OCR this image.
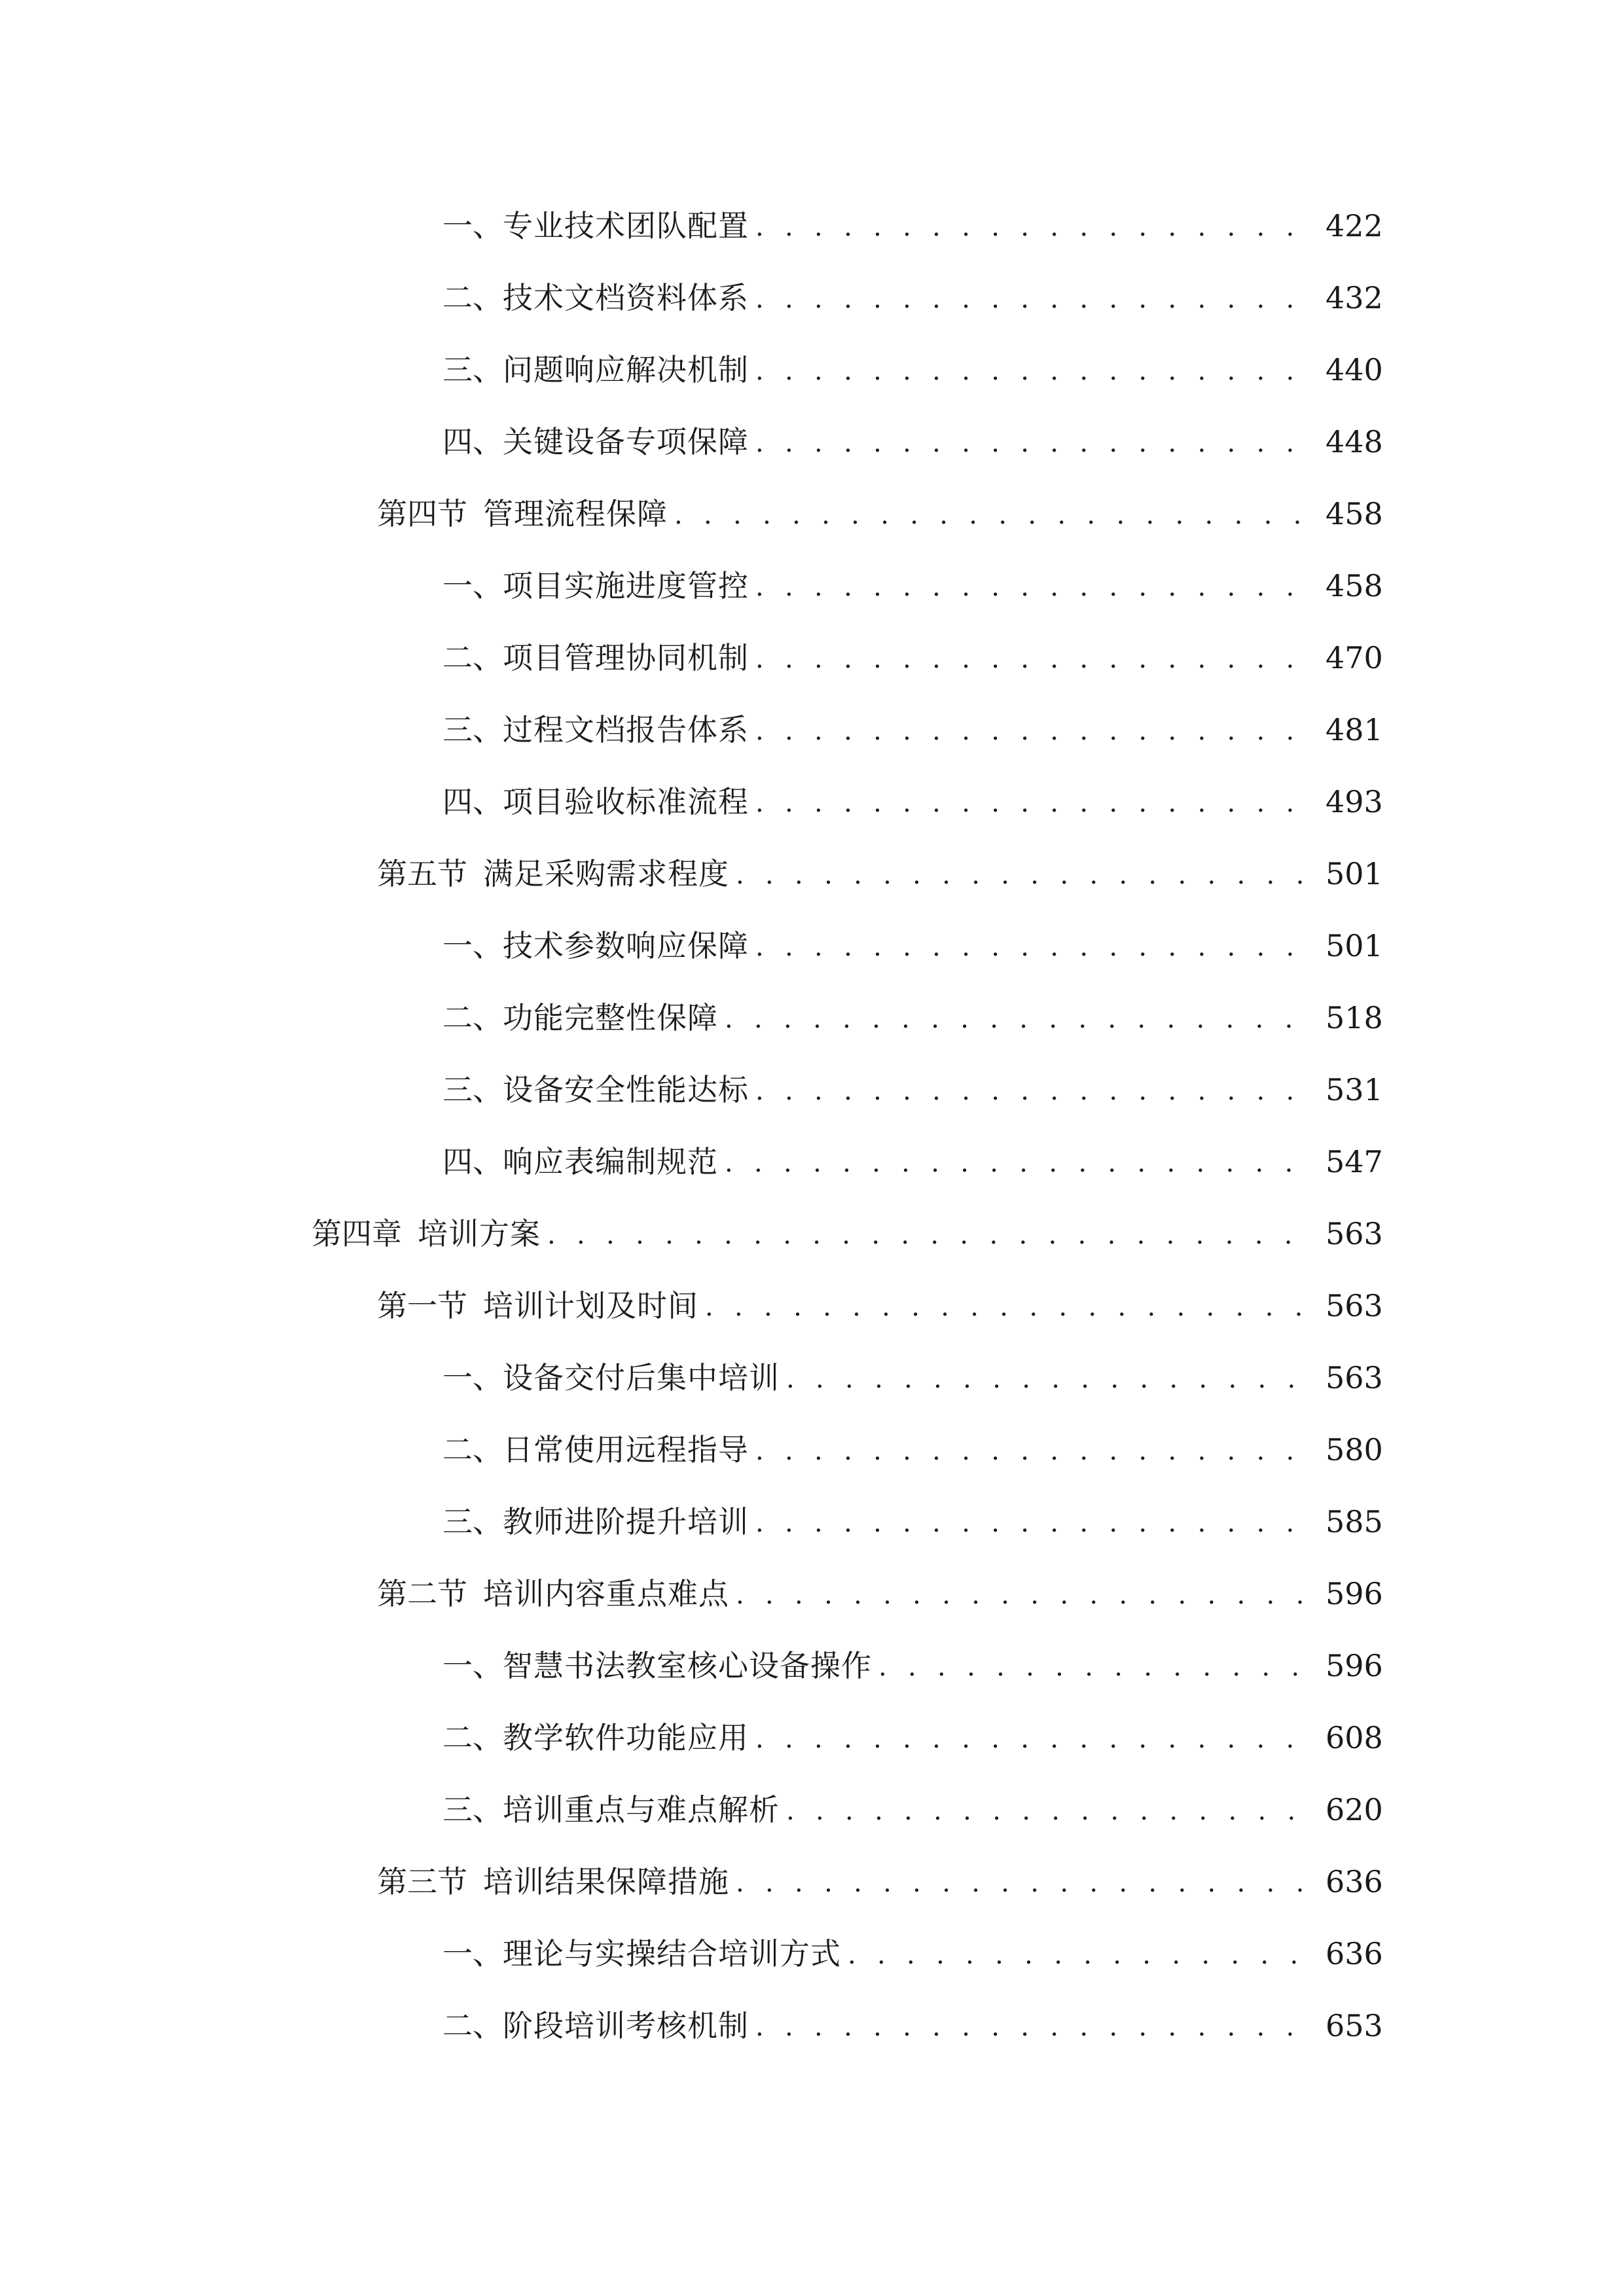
一、 专业技术团队配置 . . .	422
二、 技术文档资料体系 . . .	432
三、 问题响应解决机制 . . .	440
四、 关键设备专项保障 . . .	448
第四节 管理流程保障 . . .	458
一、 项目实施进度管控 . . .	458
二、 项目管理协同机制 . . .	470
三、 过程文档报告体系 . . .	481
四、 项目验收标准流程 . . .	493
第五节 满足采购需求程度 . . .	501
一、 技术参数响应保障 . . .	501
二、 功能完整性保障 . . .	518
三、 设备安全性能达标 . . .	531
四、 响应表编制规范 . . .	547
第四章 培训方案 . . .	563
第一节 培训计划及时间 . . .	563
一、 设备交付后集中培训 . . .	563
二、 日常使用远程指导 . . .	580
三、 教师进阶提升培训 . . .	585
第二节 培训内容重点难点 . . .	596
一、 智慧书法教室核心设备操作 . . .	596
二、 教学软件功能应用 . . .	608
三、 培训重点与难点解析 . . .	620
第三节 培训结果保障措施 . . .	636
一、 理论与实操结合培训方式 . . .	636
二、 阶段培训考核机制 . . .	653
